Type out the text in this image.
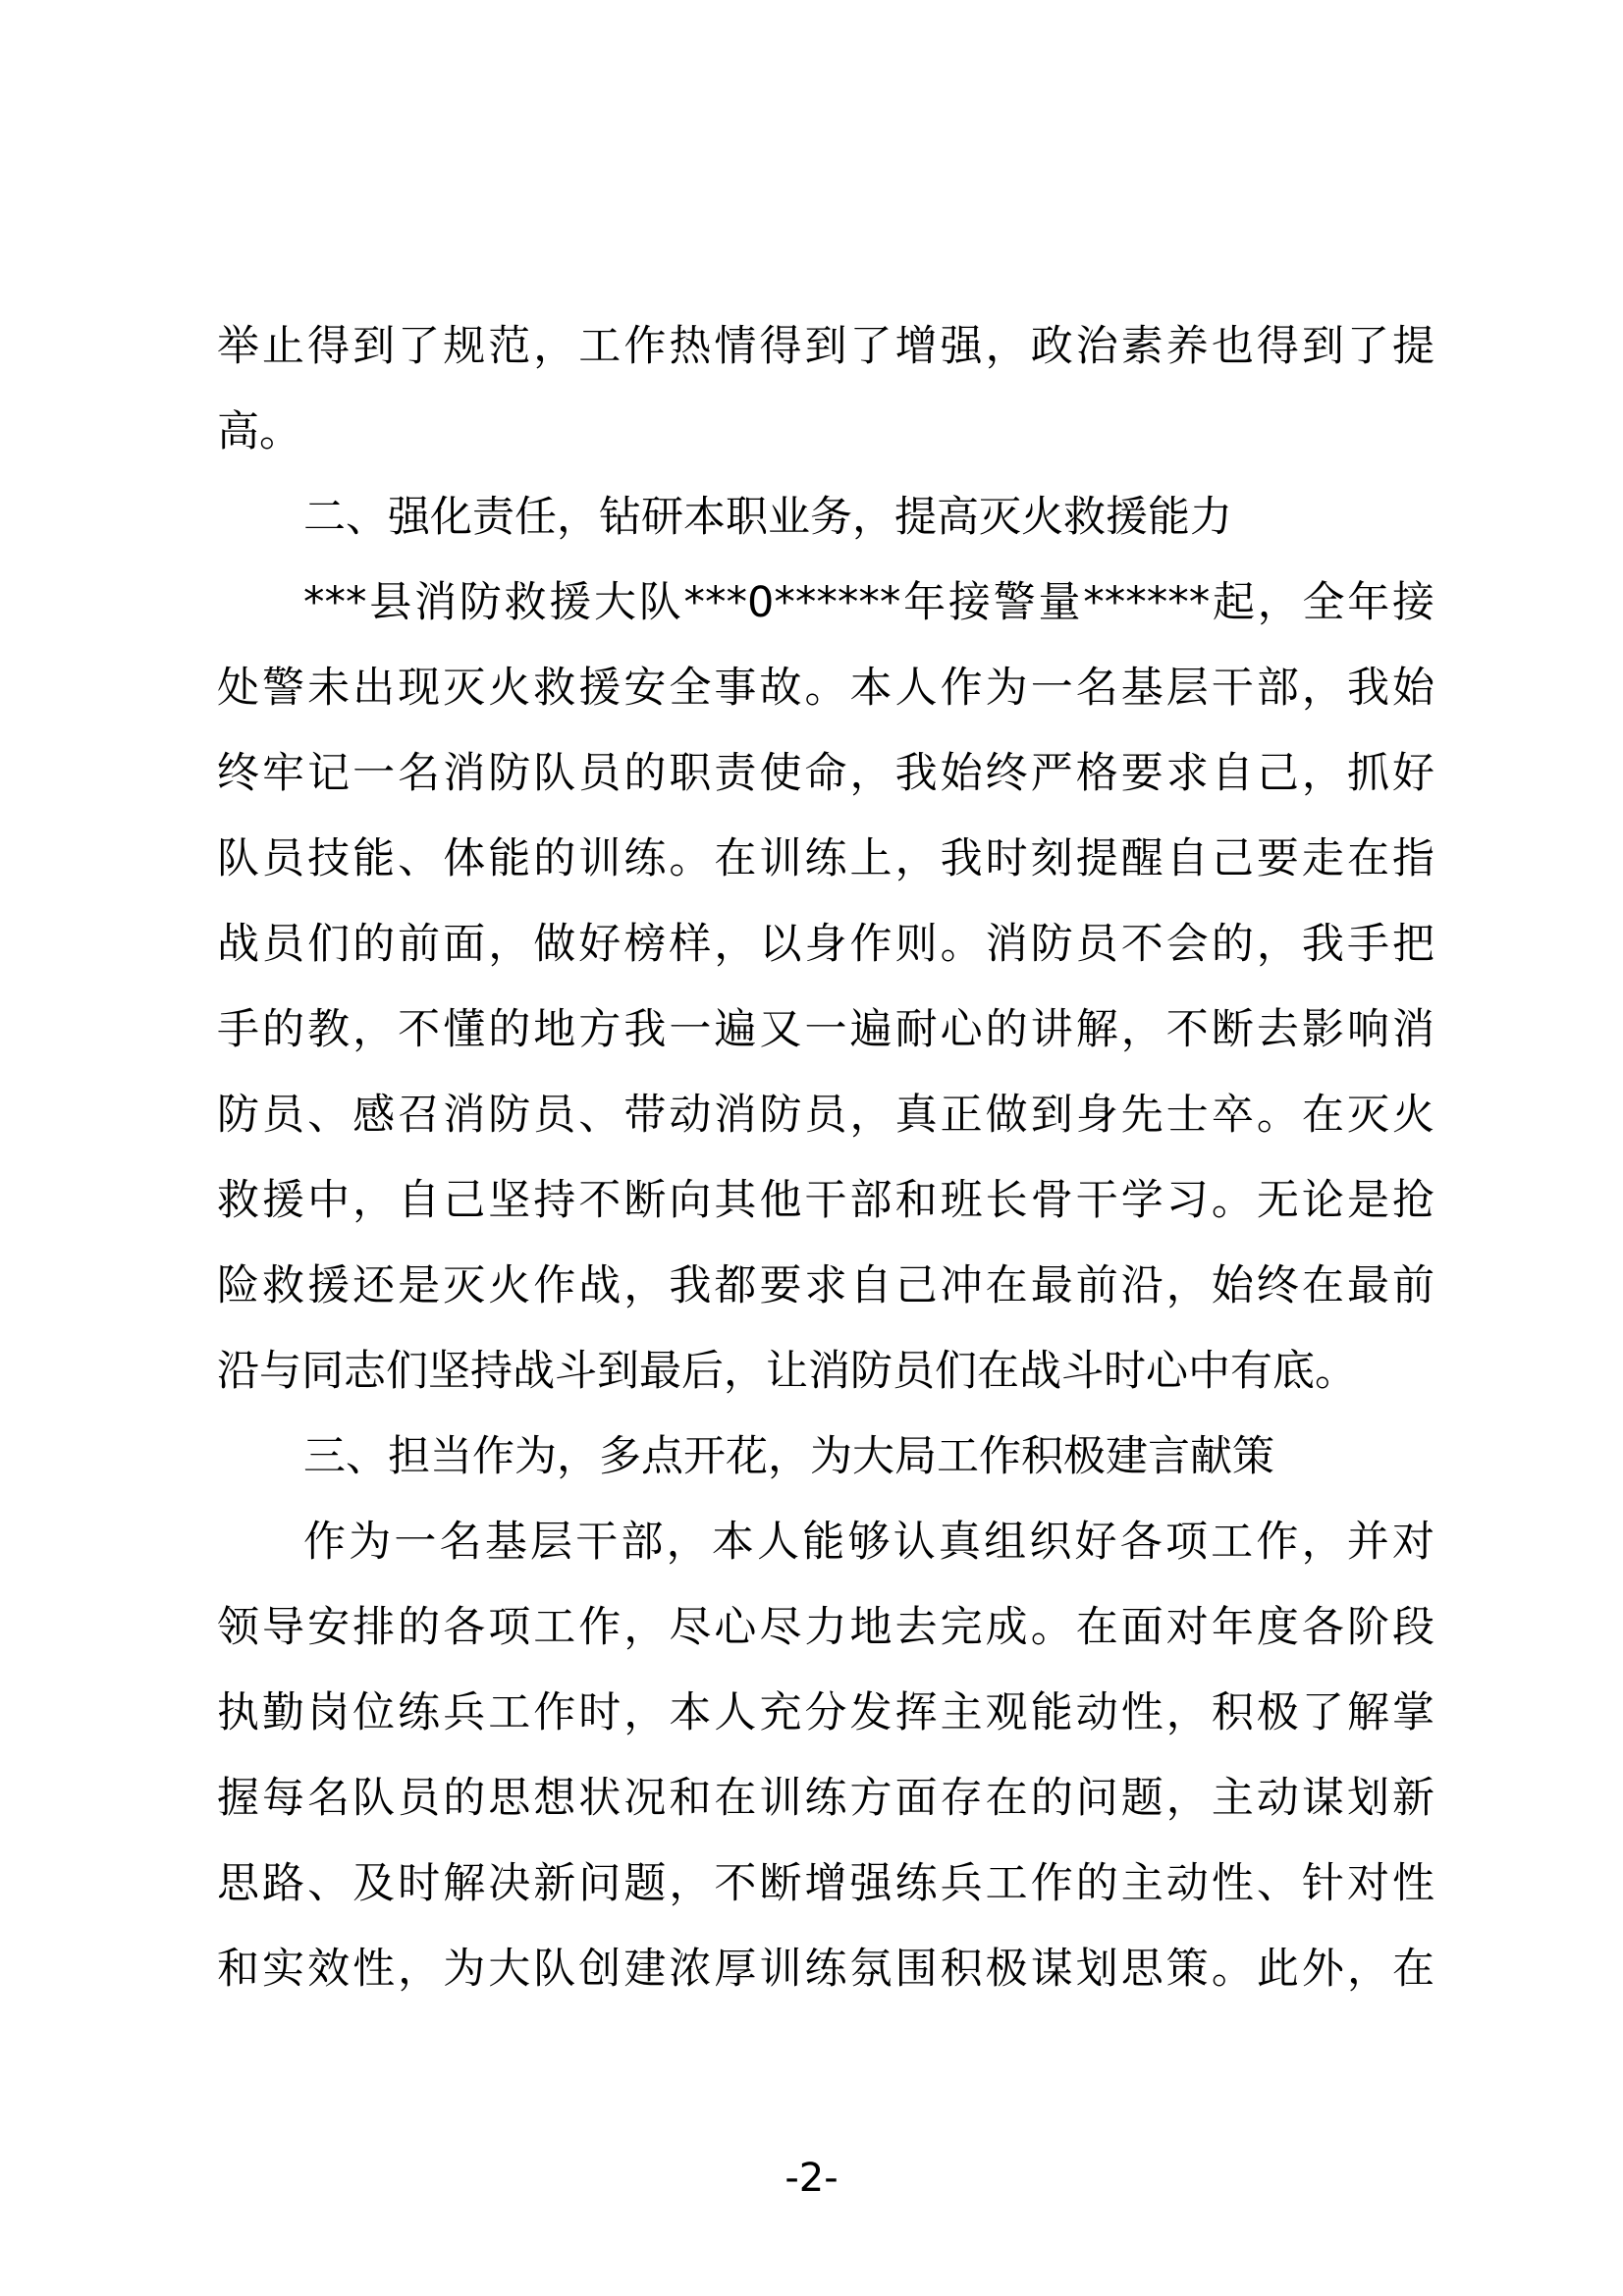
举止得到了规范，工作热情得到了增强，政治素养也得到了提
高。
二、强化责任，钻研本职业务，提高灭火救援能力
***县消防救援大队***0******年接警量******起，全年接
处警未出现灭火救援安全事故。本人作为一名基层干部，我始
终牢记一名消防队员的职责使命，我始终严格要求自己，抓好
队员技能、体能的训练。在训练上，我时刻提醒自己要走在指
战员们的前面，做好榜样，以身作则。消防员不会的，我手把
手的教，不懂的地方我一遍又一遍耐心的讲解，不断去影响消
防员、感召消防员、带动消防员，真正做到身先士卒。在灭火
救援中，自己坚持不断向其他干部和班长骨干学习。无论是抢
险救援还是灭火作战，我都要求自己冲在最前沿，始终在最前
沿与同志们坚持战斗到最后，让消防员们在战斗时心中有底。
三、担当作为，多点开花，为大局工作积极建言献策
作为一名基层干部，本人能够认真组织好各项工作，并对
领导安排的各项工作，尽心尽力地去完成。在面对年度各阶段
执勤岗位练兵工作时，本人充分发挥主观能动性，积极了解掌
握每名队员的思想状况和在训练方面存在的问题，主动谋划新
思路、及时解决新问题，不断增强练兵工作的主动性、针对性
和实效性，为大队创建浓厚训练氛围积极谋划思策。此外，在
-2-
